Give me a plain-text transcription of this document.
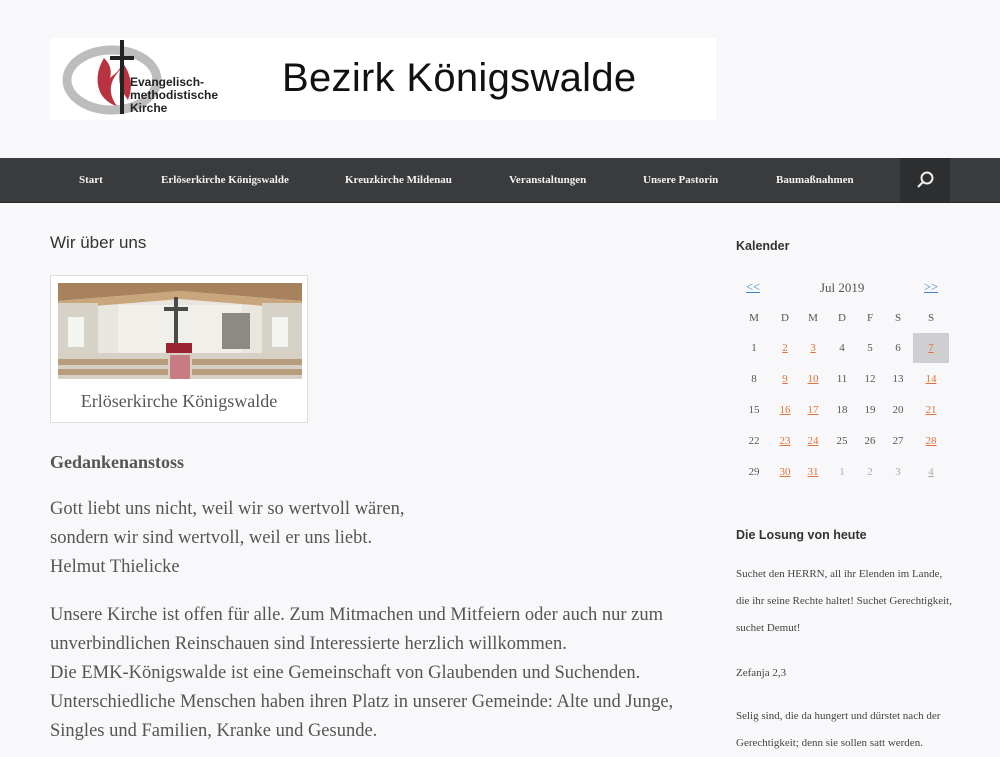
Evangelisch-
methodistische
Kirche
Bezirk Königswalde
Start	Erlöserkirche Königswalde	Kreuzkirche Mildenau	Veranstaltungen	Unsere Pastorin	Baumaßnahmen
Wir über uns
Erlöserkirche Königswalde
Gedankenanstoss
Gott liebt uns nicht, weil wir so wertvoll wären,
sondern wir sind wertvoll, weil er uns liebt.
Helmut Thielicke
Unsere Kirche ist offen für alle. Zum Mitmachen und Mitfeiern oder auch nur zum
unverbindlichen Reinschauen sind Interessierte herzlich willkommen.
Die EMK-Königswalde ist eine Gemeinschaft von Glaubenden und Suchenden.
Unterschiedliche Menschen haben ihren Platz in unserer Gemeinde: Alte und Junge,
Singles und Familien, Kranke und Gesunde.
Kalender
<<	Jul 2019	>>
M	D	M	D	F	S	S
1	2	3	4	5	6	7
8	9	10	11	12	13	14
15	16	17	18	19	20	21
22	23	24	25	26	27	28
29	30	31	1	2	3	4
Die Losung von heute
Suchet den HERRN, all ihr Elenden im Lande,
die ihr seine Rechte haltet! Suchet Gerechtigkeit,
suchet Demut!
Zefanja 2,3
Selig sind, die da hungert und dürstet nach der
Gerechtigkeit; denn sie sollen satt werden.
